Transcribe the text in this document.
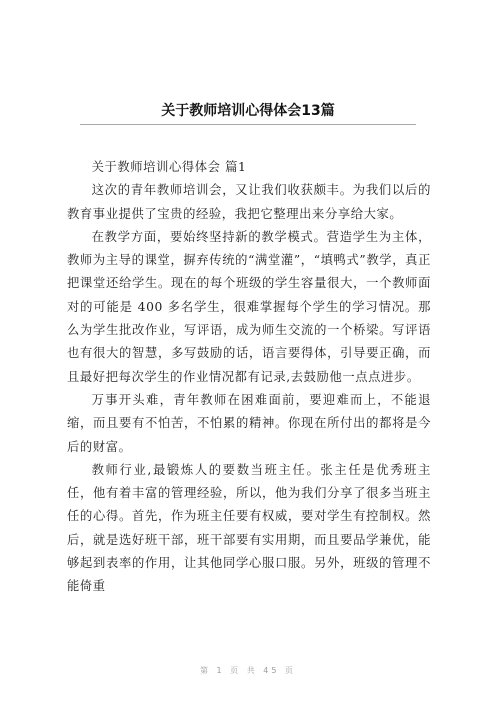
关于教师培训心得体会13篇

关于教师培训心得体会 篇1

这次的青年教师培训会，又让我们收获颇丰。为我们以后的教育事业提供了宝贵的经验，我把它整理出来分享给大家。

在教学方面，要始终坚持新的教学模式。营造学生为主体，教师为主导的课堂，摒弃传统的“满堂灌”，“填鸭式”教学，真正把课堂还给学生。现在的每个班级的学生容量很大，一个教师面对的可能是 400 多名学生，很难掌握每个学生的学习情况。那么为学生批改作业，写评语，成为师生交流的一个桥梁。写评语也有很大的智慧，多写鼓励的话，语言要得体，引导要正确，而且最好把每次学生的作业情况都有记录,去鼓励他一点点进步。

万事开头难，青年教师在困难面前，要迎难而上，不能退缩，而且要有不怕苦，不怕累的精神。你现在所付出的都将是今后的财富。

教师行业,最锻炼人的要数当班主任。张主任是优秀班主任，他有着丰富的管理经验，所以，他为我们分享了很多当班主任的心得。首先，作为班主任要有权威，要对学生有控制权。然后，就是选好班干部，班干部要有实用期，而且要品学兼优，能够起到表率的作用，让其他同学心服口服。另外，班级的管理不能倚重

第 1 页 共 45 页
